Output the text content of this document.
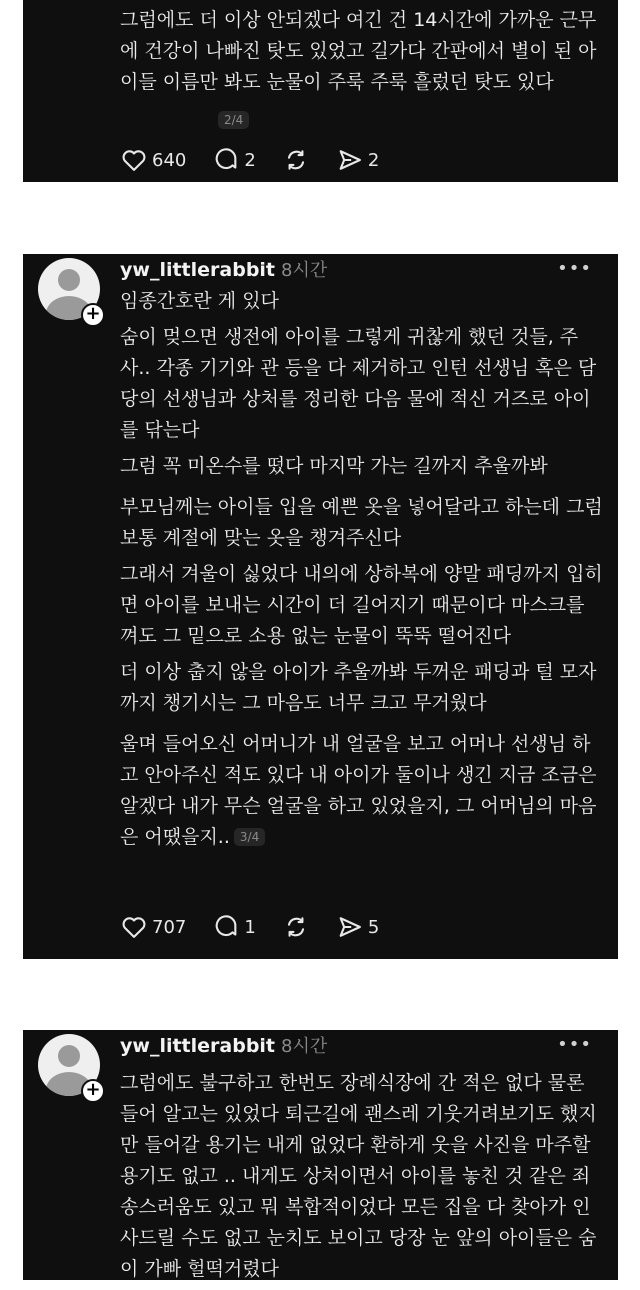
그럼에도 더 이상 안되겠다 여긴 건 14시간에 가까운 근무에 건강이 나빠진 탓도 있었고 길가다 간판에서 별이 된 아이들 이름만 봐도 눈물이 주룩 주룩 흘렀던 탓도 있다
640	2	2
2/4
+
yw_littlerabbit 8시간	•••
임종간호란 게 있다
숨이 멎으면 생전에 아이를 그렇게 귀찮게 했던 것들, 주사.. 각종 기기와 관 등을 다 제거하고 인턴 선생님 혹은 담당의 선생님과 상처를 정리한 다음 물에 적신 거즈로 아이를 닦는다
그럼 꼭 미온수를 떴다 마지막 가는 길까지 추울까봐
부모님께는 아이들 입을 예쁜 옷을 넣어달라고 하는데 그럼 보통 계절에 맞는 옷을 챙겨주신다
그래서 겨울이 싫었다 내의에 상하복에 양말 패딩까지 입히면 아이를 보내는 시간이 더 길어지기 때문이다 마스크를 껴도 그 밑으로 소용 없는 눈물이 뚝뚝 떨어진다
더 이상 춥지 않을 아이가 추울까봐 두꺼운 패딩과 털 모자까지 챙기시는 그 마음도 너무 크고 무거웠다
울며 들어오신 어머니가 내 얼굴을 보고 어머나 선생님 하고 안아주신 적도 있다 내 아이가 둘이나 생긴 지금 조금은 알겠다 내가 무슨 얼굴을 하고 있었을지, 그 어머님의 마음은 어땠을지.. 3/4
707	1	5
+
yw_littlerabbit 8시간	•••
그럼에도 불구하고 한번도 장례식장에 간 적은 없다 물론 들어 알고는 있었다 퇴근길에 괜스레 기웃거려보기도 했지만 들어갈 용기는 내게 없었다 환하게 웃을 사진을 마주할 용기도 없고 .. 내게도 상처이면서 아이를 놓친 것 같은 죄송스러움도 있고 뭐 복합적이었다 모든 집을 다 찾아가 인사드릴 수도 없고 눈치도 보이고 당장 눈 앞의 아이들은 숨이 가빠 헐떡거렸다
